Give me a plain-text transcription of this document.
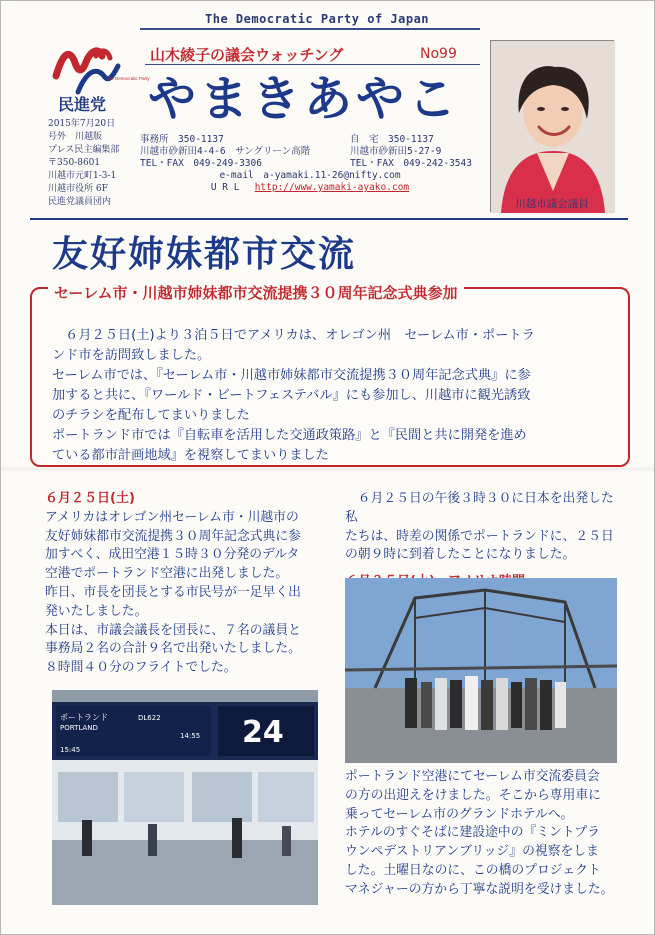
The Democratic Party of Japan
The Democratic Party
民進党
2015年7月20日
号外　川越版
プレス民主編集部
〒350-8601
川越市元町1-3-1
川越市役所 6F
民進党議員団内
山木綾子の議会ウォッチング	No99
やまきあやこ
事務所　 350-1137	自　宅　 350-1137
川越市砂新田4-4-6　サングリーン高階	川越市砂新田5-27-9
TEL・FAX　049-249-3306	TEL・FAX　049-242-3543
e-mail　a-yamaki.11-26@nifty.com
U R L　 http://www.yamaki-ayako.com
川越市議会議員
友好姉妹都市交流
セーレム市・川越市姉妹都市交流提携３０周年記念式典参加
　６月２５日(土)より３泊５日でアメリカは、オレゴン州　セーレム市・ポートラ
ンド市を訪問致しました。
セーレム市では、『セーレム市・川越市姉妹都市交流提携３０周年記念式典』に参
加すると共に、『ワールド・ビートフェステバル』にも参加し、川越市に観光誘致
のチラシを配布してまいりました
ポートランド市では『自転車を活用した交通政策路』と『民間と共に開発を進め
ている都市計画地域』を視察してまいりました
６月２５日(土)
アメリカはオレゴン州セーレム市・川越市の
友好姉妹都市交流提携３０周年記念式典に参
加すべく、成田空港１５時３０分発のデルタ
空港でポートランド空港に出発しました。
昨日、市長を団長とする市民号が一足早く出
発いたしました。
本日は、市議会議長を団長に、７名の議員と
事務局２名の合計９名で出発いたしました。
８時間４０分のフライトでした。
ポートランド
PORTLAND
15:45
DL622
14:55 24
　６月２５日の午後３時３０に日本を出発した私
たちは、時差の関係でポートランドに、２５日
の朝９時に到着したことになりました。
ポートランド空港にてセーレム市交流委員会
の方の出迎えをけました。そこから専用車に
乗ってセーレム市のグランドホテルへ。
ホテルのすぐそばに建設途中の『ミントプラ
ウンペデストリアンブリッジ』の視察をしま
した。土曜日なのに、この橋のプロジェクト
マネジャーの方から丁寧な説明を受けました。
